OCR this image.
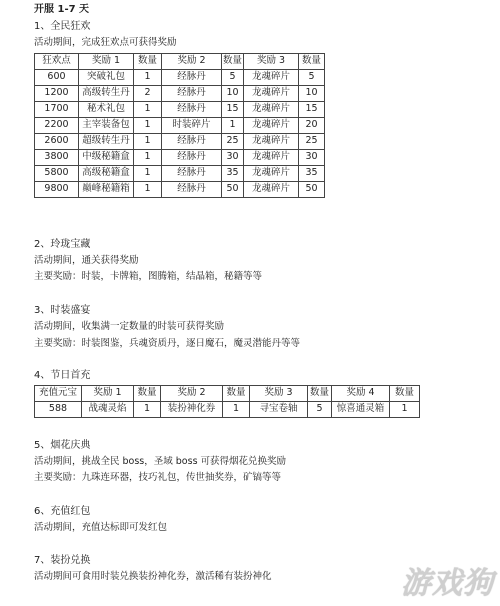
开服 1-7 天
1、全民狂欢
活动期间，完成狂欢点可获得奖励
狂欢点	奖励 1	数量	奖励 2	数量	奖励 3	数量
600	突破礼包	1	经脉丹	5	龙魂碎片	5
1200	高级转生丹	2	经脉丹	10	龙魂碎片	10
1700	秘术礼包	1	经脉丹	15	龙魂碎片	15
2200	主宰装备包	1	时装碎片	1	龙魂碎片	20
2600	超级转生丹	1	经脉丹	25	龙魂碎片	25
3800	中级秘籍盒	1	经脉丹	30	龙魂碎片	30
5800	高级秘籍盒	1	经脉丹	35	龙魂碎片	35
9800	巅峰秘籍箱	1	经脉丹	50	龙魂碎片	50
2、玲珑宝藏
活动期间，通关获得奖励
主要奖励：时装，卡牌箱，图腾箱，结晶箱，秘籍等等
3、时装盛宴
活动期间，收集满一定数量的时装可获得奖励
主要奖励：时装图鉴，兵魂资质丹，逐日魔石，魔灵潜能丹等等
4、节日首充
充值元宝	奖励 1	数量	奖励 2	数量	奖励 3	数量	奖励 4	数量
588	战魂灵焰	1	装扮神化券	1	寻宝卷轴	5	惊喜通灵箱	1
5、烟花庆典
活动期间，挑战全民 boss，圣域 boss 可获得烟花兑换奖励
主要奖励：九珠连环器，技巧礼包，传世抽奖券，矿镐等等
6、充值红包
活动期间，充值达标即可发红包
7、装扮兑换
活动期间可食用时装兑换装扮神化券，激活稀有装扮神化	游戏狗
